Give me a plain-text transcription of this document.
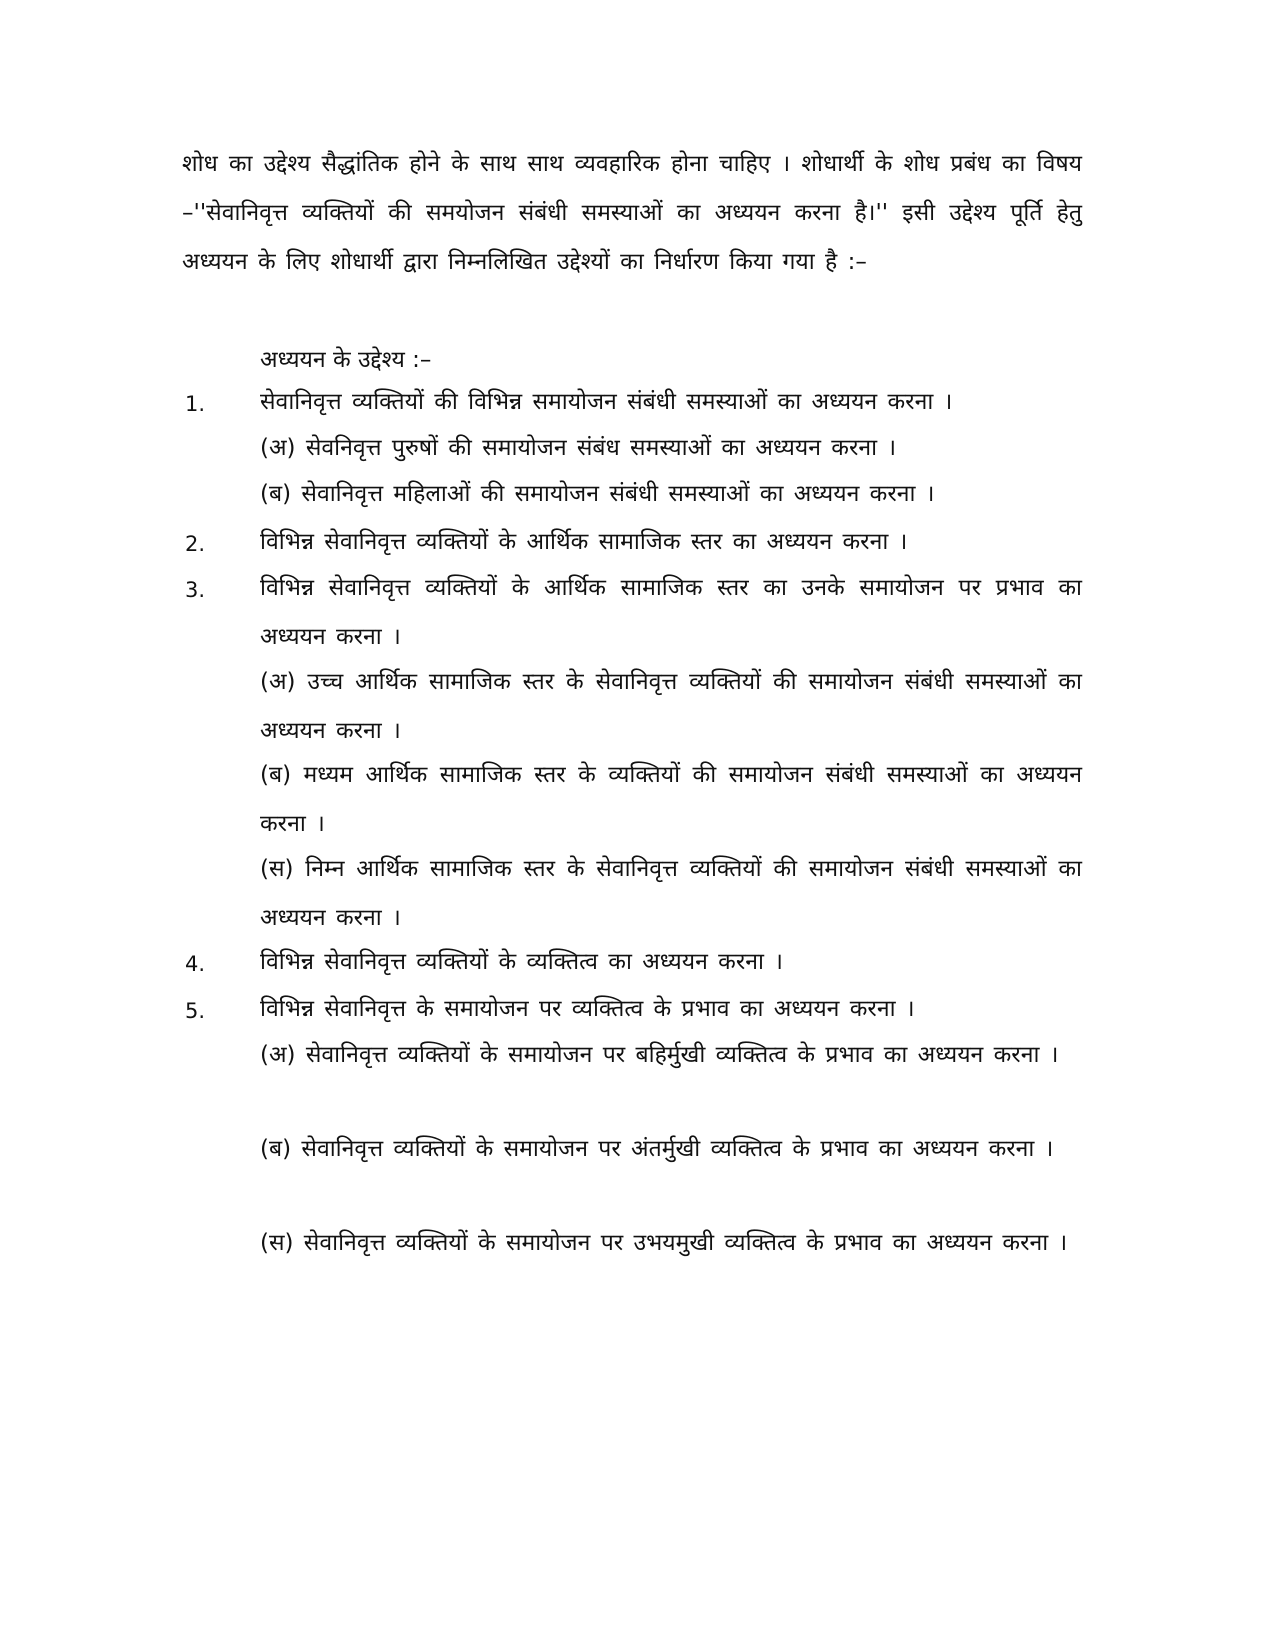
शोध का उद्देश्य सैद्धांतिक होने के साथ साथ व्यवहारिक होना चाहिए । शोधार्थी के शोध प्रबंध का विषय –''सेवानिवृत्त व्यक्तियों की समयोजन संबंधी समस्याओं का अध्ययन करना है।'' इसी उद्देश्य पूर्ति हेतु अध्ययन के लिए शोधार्थी द्वारा निम्नलिखित उद्देश्यों का निर्धारण किया गया है :–

अध्ययन के उद्देश्य :–

1. सेवानिवृत्त व्यक्तियों की विभिन्न समायोजन संबंधी समस्याओं का अध्ययन करना ।

(अ) सेवनिवृत्त पुरुषों की समायोजन संबंध समस्याओं का अध्ययन करना ।

(ब) सेवानिवृत्त महिलाओं की समायोजन संबंधी समस्याओं का अध्ययन करना ।

2. विभिन्न सेवानिवृत्त व्यक्तियों के आर्थिक सामाजिक स्तर का अध्ययन करना ।

3. विभिन्न सेवानिवृत्त व्यक्तियों के आर्थिक सामाजिक स्तर का उनके समायोजन पर प्रभाव का अध्ययन करना ।

(अ) उच्च आर्थिक सामाजिक स्तर के सेवानिवृत्त व्यक्तियों की समायोजन संबंधी समस्याओं का अध्ययन करना ।

(ब) मध्यम आर्थिक सामाजिक स्तर के व्यक्तियों की समायोजन संबंधी समस्याओं का अध्ययन करना ।

(स) निम्न आर्थिक सामाजिक स्तर के सेवानिवृत्त व्यक्तियों की समायोजन संबंधी समस्याओं का अध्ययन करना ।

4. विभिन्न सेवानिवृत्त व्यक्तियों के व्यक्तित्व का अध्ययन करना ।

5. विभिन्न सेवानिवृत्त के समायोजन पर व्यक्तित्व के प्रभाव का अध्ययन करना ।

(अ) सेवानिवृत्त व्यक्तियों के समायोजन पर बहिर्मुखी व्यक्तित्व के प्रभाव का अध्ययन करना ।

(ब) सेवानिवृत्त व्यक्तियों के समायोजन पर अंतर्मुखी व्यक्तित्व के प्रभाव का अध्ययन करना ।

(स) सेवानिवृत्त व्यक्तियों के समायोजन पर उभयमुखी व्यक्तित्व के प्रभाव का अध्ययन करना ।
